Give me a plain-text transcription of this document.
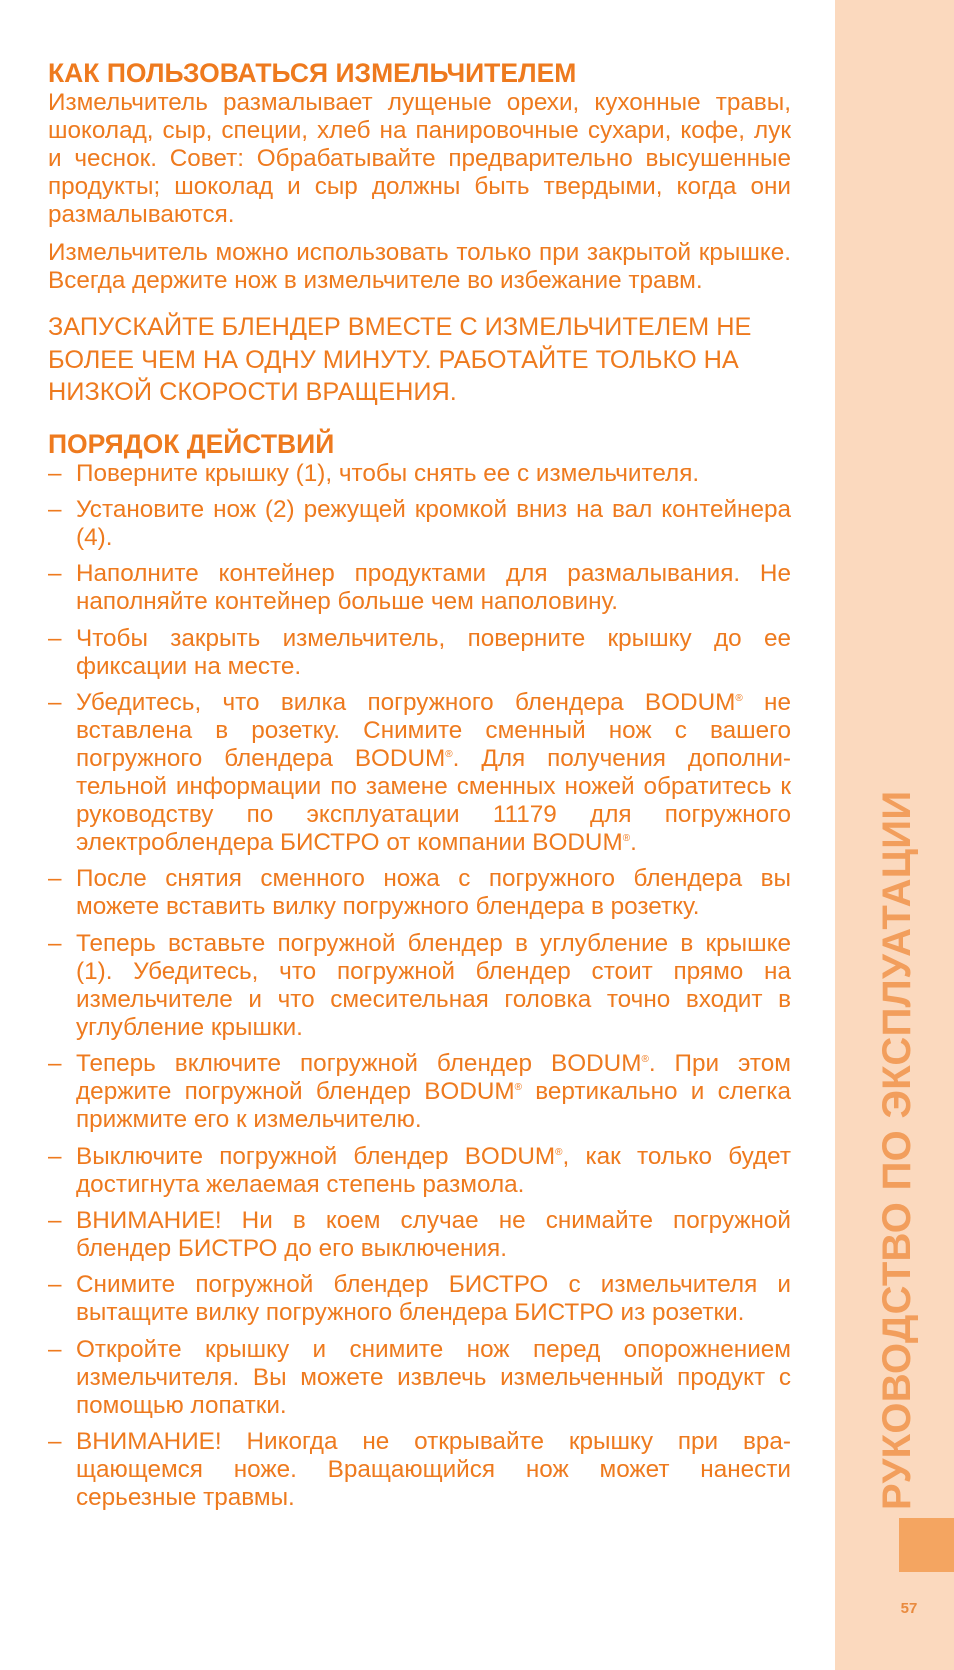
КАК ПОЛЬЗОВАТЬСЯ ИЗМЕЛЬЧИТЕЛЕМ

Измельчитель размалывает лущеные орехи, кухонные травы, шоколад, сыр, специи, хлеб на панировочные сухари, кофе, лук и чеснок. Совет: Обрабатывайте предварительно высушенные продукты; шоколад и сыр должны быть твердыми, когда они размалываются.

Измельчитель можно использовать только при закрытой крышке. Всегда держите нож в измельчителе во избежание травм.

ЗАПУСКАЙТЕ БЛЕНДЕР ВМЕСТЕ С ИЗМЕЛЬЧИТЕЛЕМ НЕ БОЛЕЕ ЧЕМ НА ОДНУ МИНУТУ. РАБОТАЙТЕ ТОЛЬКО НА НИЗКОЙ СКОРОСТИ ВРАЩЕНИЯ.

ПОРЯДОК ДЕЙСТВИЙ
– Поверните крышку (1), чтобы снять ее с измельчителя.
– Установите нож (2) режущей кромкой вниз на вал контейнера (4).
– Наполните контейнер продуктами для размалывания. Не наполняйте контейнер больше чем наполовину.
– Чтобы закрыть измельчитель, поверните крышку до ее фиксации на месте.
– Убедитесь, что вилка погружного блендера BODUM® не вставлена в розетку. Снимите сменный нож с вашего погружного блендера BODUM®. Для получения дополнительной информации по замене сменных ножей обратитесь к руководству по эксплуатации 11179 для погружного электроблендера БИСТРО от компании BODUM®.
– После снятия сменного ножа с погружного блендера вы можете вставить вилку погружного блендера в розетку.
– Теперь вставьте погружной блендер в углубление в крышке (1). Убедитесь, что погружной блендер стоит прямо на измельчителе и что смесительная головка точно входит в углубление крышки.
– Теперь включите погружной блендер BODUM®. При этом держите погружной блендер BODUM® вертикально и слегка прижмите его к измельчителю.
– Выключите погружной блендер BODUM®, как только будет достигнута желаемая степень размола.
– ВНИМАНИЕ! Ни в коем случае не снимайте погружной блендер БИСТРО до его выключения.
– Снимите погружной блендер БИСТРО с измельчителя и вытащите вилку погружного блендера БИСТРО из розетки.
– Откройте крышку и снимите нож перед опорожнением измельчителя. Вы можете извлечь измельченный продукт с помощью лопатки.
– ВНИМАНИЕ! Никогда не открывайте крышку при вращающемся ноже. Вращающийся нож может нанести серьезные травмы.	РУКОВОДСТВО ПО ЭКСПЛУАТАЦИИ
57
